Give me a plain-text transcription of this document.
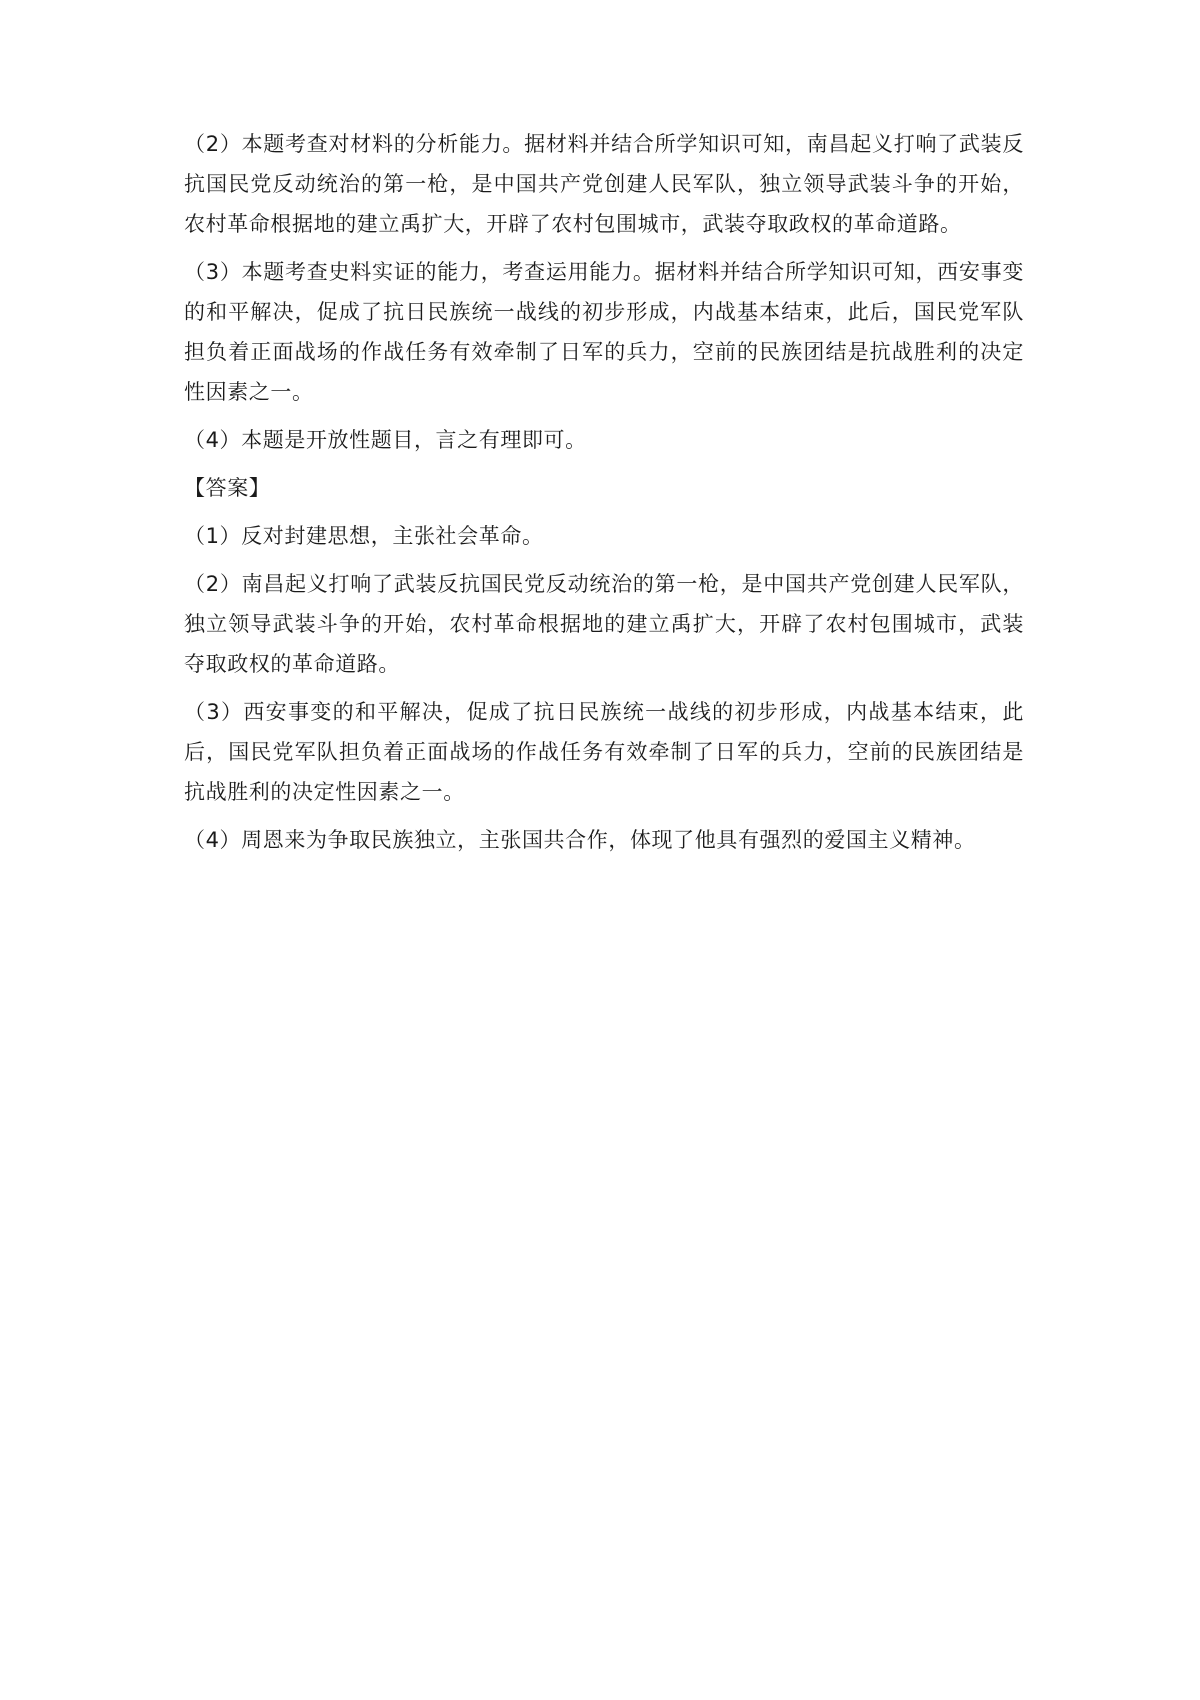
（2）本题考查对材料的分析能力。据材料并结合所学知识可知，南昌起义打响了武装反抗国民党反动统治的第一枪，是中国共产党创建人民军队，独立领导武装斗争的开始，农村革命根据地的建立禹扩大，开辟了农村包围城市，武装夺取政权的革命道路。

（3）本题考查史料实证的能力，考查运用能力。据材料并结合所学知识可知，西安事变的和平解决，促成了抗日民族统一战线的初步形成，内战基本结束，此后，国民党军队担负着正面战场的作战任务有效牵制了日军的兵力，空前的民族团结是抗战胜利的决定性因素之一。

（4）本题是开放性题目，言之有理即可。

【答案】

（1）反对封建思想，主张社会革命。

（2）南昌起义打响了武装反抗国民党反动统治的第一枪，是中国共产党创建人民军队，独立领导武装斗争的开始，农村革命根据地的建立禹扩大，开辟了农村包围城市，武装夺取政权的革命道路。

（3）西安事变的和平解决，促成了抗日民族统一战线的初步形成，内战基本结束，此后，国民党军队担负着正面战场的作战任务有效牵制了日军的兵力，空前的民族团结是抗战胜利的决定性因素之一。

（4）周恩来为争取民族独立，主张国共合作，体现了他具有强烈的爱国主义精神。
